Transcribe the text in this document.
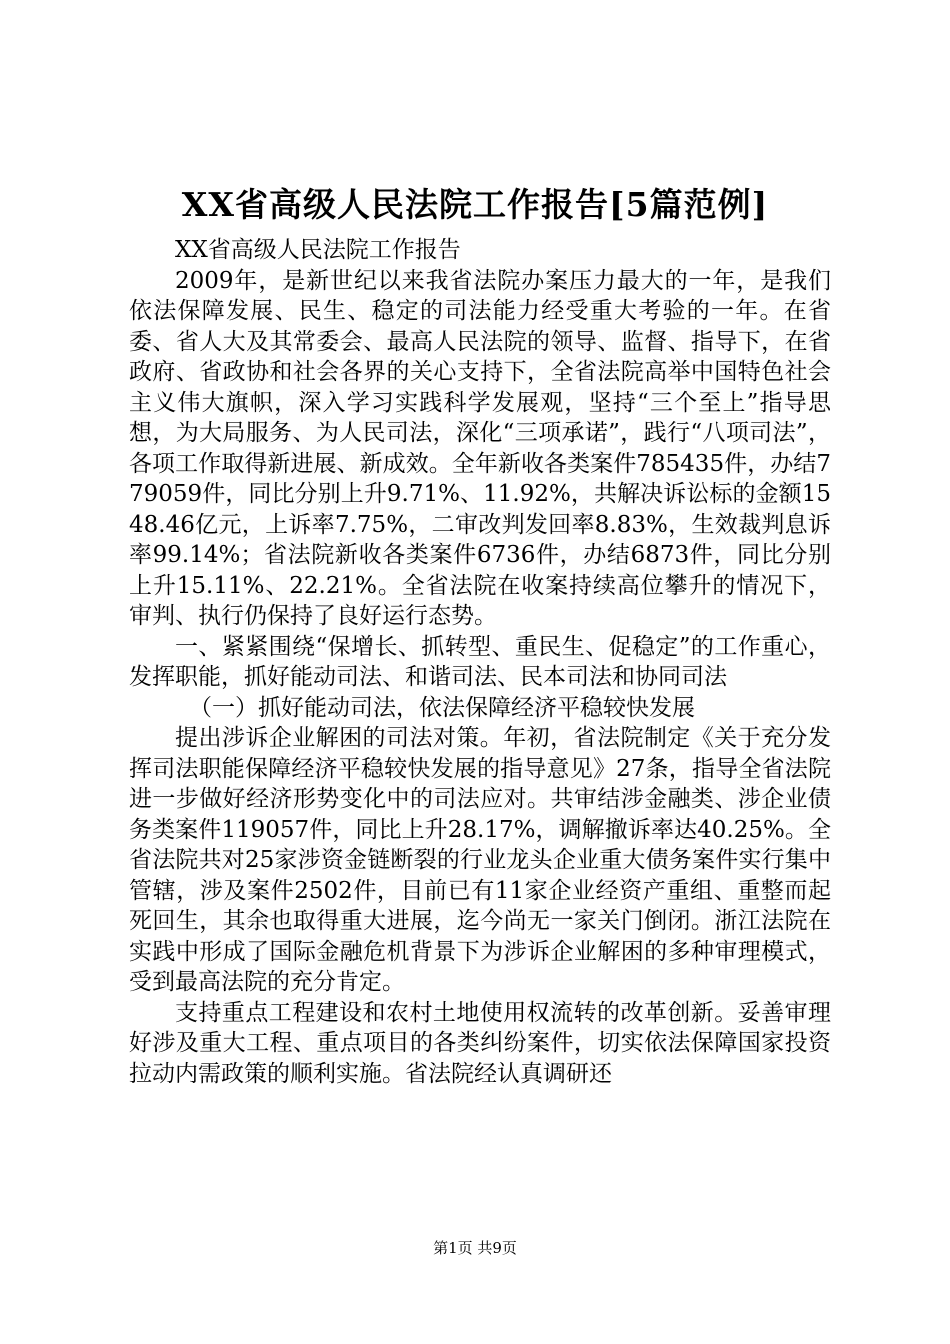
XX省高级人民法院工作报告[5篇范例]

XX省高级人民法院工作报告

2009年，是新世纪以来我省法院办案压力最大的一年，是我们依法保障发展、民生、稳定的司法能力经受重大考验的一年。在省委、省人大及其常委会、最高人民法院的领导、监督、指导下，在省政府、省政协和社会各界的关心支持下，全省法院高举中国特色社会主义伟大旗帜，深入学习实践科学发展观，坚持“三个至上”指导思想，为大局服务、为人民司法，深化“三项承诺”，践行“八项司法”，各项工作取得新进展、新成效。全年新收各类案件785435件，办结779059件，同比分别上升9.71%、11.92%，共解决诉讼标的金额1548.46亿元，上诉率7.75%，二审改判发回率8.83%，生效裁判息诉率99.14%；省法院新收各类案件6736件，办结6873件，同比分别上升15.11%、22.21%。全省法院在收案持续高位攀升的情况下，审判、执行仍保持了良好运行态势。

一、紧紧围绕“保增长、抓转型、重民生、促稳定”的工作重心，发挥职能，抓好能动司法、和谐司法、民本司法和协同司法

（一）抓好能动司法，依法保障经济平稳较快发展

提出涉诉企业解困的司法对策。年初，省法院制定《关于充分发挥司法职能保障经济平稳较快发展的指导意见》27条，指导全省法院进一步做好经济形势变化中的司法应对。共审结涉金融类、涉企业债务类案件119057件，同比上升28.17%，调解撤诉率达40.25%。全省法院共对25家涉资金链断裂的行业龙头企业重大债务案件实行集中管辖，涉及案件2502件，目前已有11家企业经资产重组、重整而起死回生，其余也取得重大进展，迄今尚无一家关门倒闭。浙江法院在实践中形成了国际金融危机背景下为涉诉企业解困的多种审理模式，受到最高法院的充分肯定。

支持重点工程建设和农村土地使用权流转的改革创新。妥善审理好涉及重大工程、重点项目的各类纠纷案件，切实依法保障国家投资拉动内需政策的顺利实施。省法院经认真调研还

第1页 共9页
